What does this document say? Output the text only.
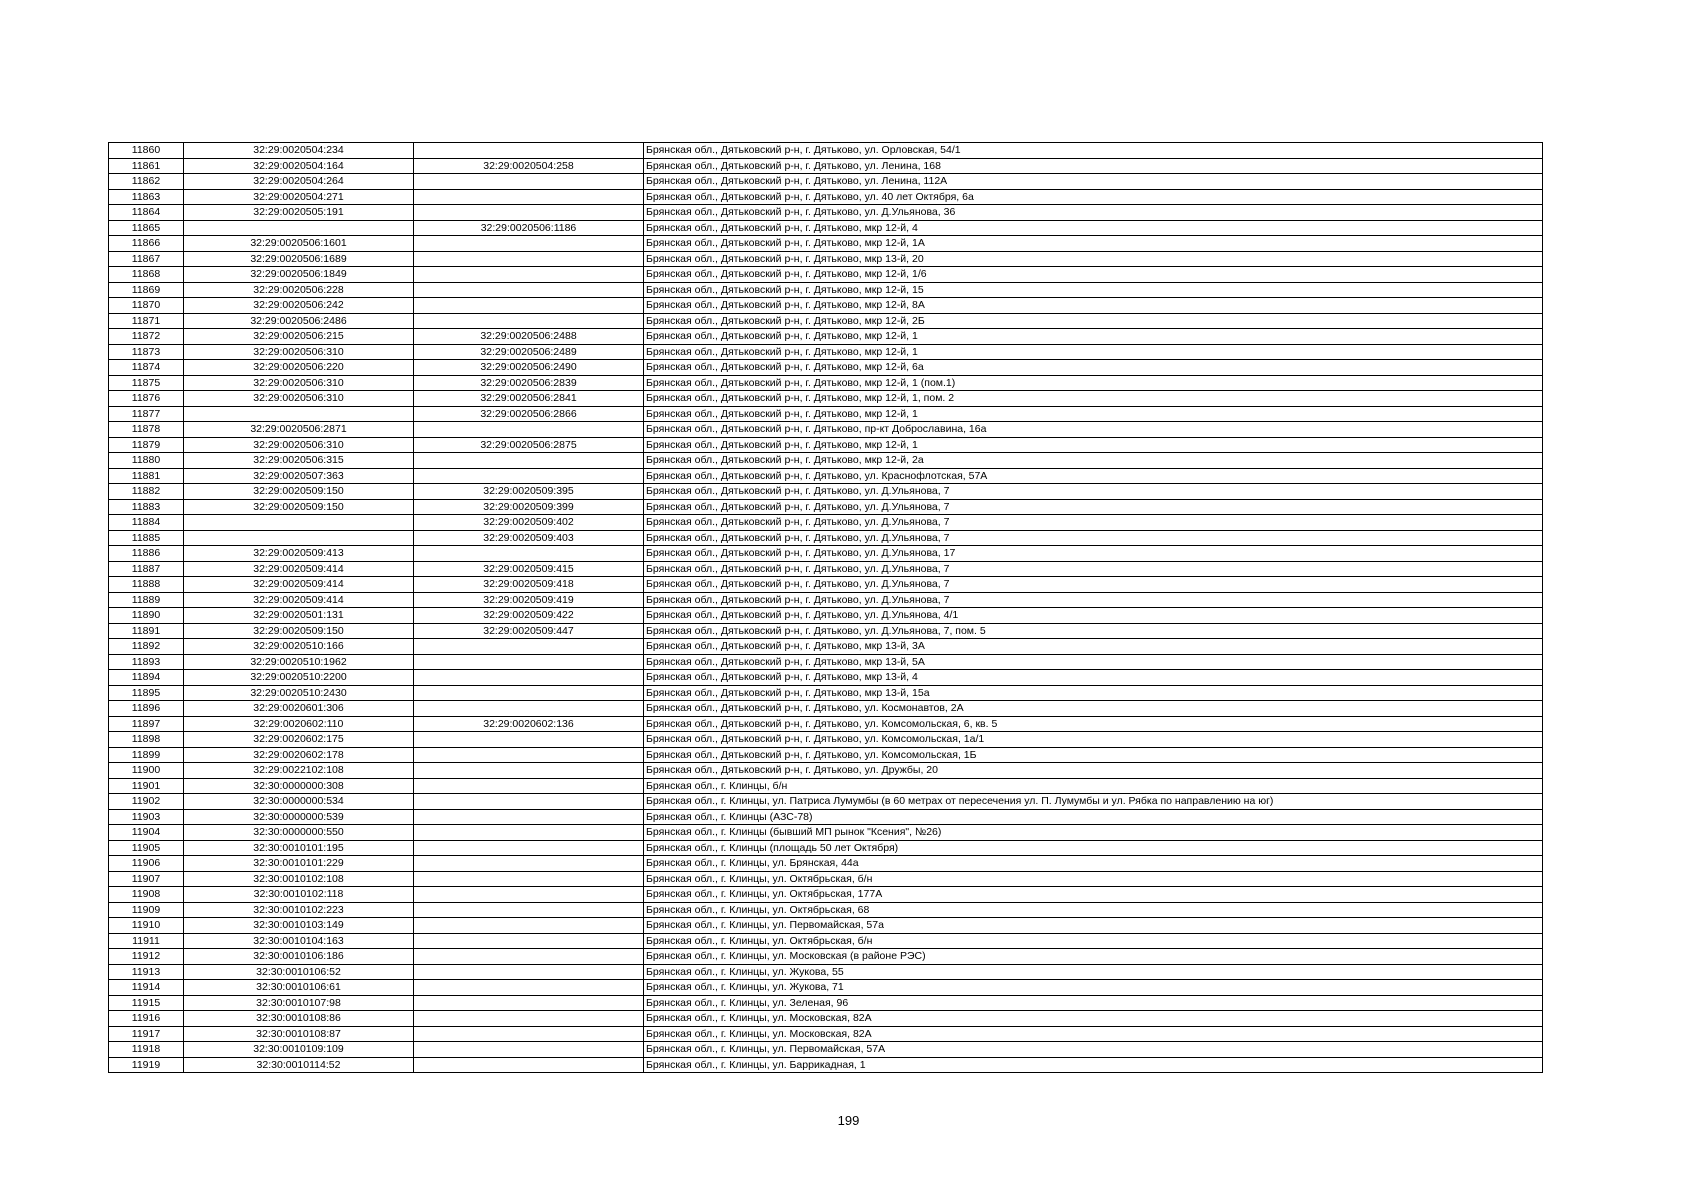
11860	32:29:0020504:234		Брянская обл., Дятьковский р-н, г. Дятьково, ул. Орловская, 54/1
11861	32:29:0020504:164	32:29:0020504:258	Брянская обл., Дятьковский р-н, г. Дятьково, ул. Ленина, 168
11862	32:29:0020504:264		Брянская обл., Дятьковский р-н, г. Дятьково, ул. Ленина, 112А
11863	32:29:0020504:271		Брянская обл., Дятьковский р-н, г. Дятьково, ул. 40 лет Октября, 6а
11864	32:29:0020505:191		Брянская обл., Дятьковский р-н, г. Дятьково, ул. Д.Ульянова, 36
11865		32:29:0020506:1186	Брянская обл., Дятьковский р-н, г. Дятьково, мкр 12-й, 4
11866	32:29:0020506:1601		Брянская обл., Дятьковский р-н, г. Дятьково, мкр 12-й, 1А
11867	32:29:0020506:1689		Брянская обл., Дятьковский р-н, г. Дятьково, мкр 13-й, 20
11868	32:29:0020506:1849		Брянская обл., Дятьковский р-н, г. Дятьково, мкр 12-й, 1/6
11869	32:29:0020506:228		Брянская обл., Дятьковский р-н, г. Дятьково, мкр 12-й, 15
11870	32:29:0020506:242		Брянская обл., Дятьковский р-н, г. Дятьково, мкр 12-й, 8А
11871	32:29:0020506:2486		Брянская обл., Дятьковский р-н, г. Дятьково, мкр 12-й, 2Б
11872	32:29:0020506:215	32:29:0020506:2488	Брянская обл., Дятьковский р-н, г. Дятьково, мкр 12-й, 1
11873	32:29:0020506:310	32:29:0020506:2489	Брянская обл., Дятьковский р-н, г. Дятьково, мкр 12-й, 1
11874	32:29:0020506:220	32:29:0020506:2490	Брянская обл., Дятьковский р-н, г. Дятьково, мкр 12-й, 6а
11875	32:29:0020506:310	32:29:0020506:2839	Брянская обл., Дятьковский р-н, г. Дятьково, мкр 12-й, 1 (пом.1)
11876	32:29:0020506:310	32:29:0020506:2841	Брянская обл., Дятьковский р-н, г. Дятьково, мкр 12-й, 1, пом. 2
11877		32:29:0020506:2866	Брянская обл., Дятьковский р-н, г. Дятьково, мкр 12-й, 1
11878	32:29:0020506:2871		Брянская обл., Дятьковский р-н, г. Дятьково, пр-кт Доброславина, 16а
11879	32:29:0020506:310	32:29:0020506:2875	Брянская обл., Дятьковский р-н, г. Дятьково, мкр 12-й, 1
11880	32:29:0020506:315		Брянская обл., Дятьковский р-н, г. Дятьково, мкр 12-й, 2а
11881	32:29:0020507:363		Брянская обл., Дятьковский р-н, г. Дятьково, ул. Краснофлотская, 57А
11882	32:29:0020509:150	32:29:0020509:395	Брянская обл., Дятьковский р-н, г. Дятьково, ул. Д.Ульянова, 7
11883	32:29:0020509:150	32:29:0020509:399	Брянская обл., Дятьковский р-н, г. Дятьково, ул. Д.Ульянова, 7
11884		32:29:0020509:402	Брянская обл., Дятьковский р-н, г. Дятьково, ул. Д.Ульянова, 7
11885		32:29:0020509:403	Брянская обл., Дятьковский р-н, г. Дятьково, ул. Д.Ульянова, 7
11886	32:29:0020509:413		Брянская обл., Дятьковский р-н, г. Дятьково, ул. Д.Ульянова, 17
11887	32:29:0020509:414	32:29:0020509:415	Брянская обл., Дятьковский р-н, г. Дятьково, ул. Д.Ульянова, 7
11888	32:29:0020509:414	32:29:0020509:418	Брянская обл., Дятьковский р-н, г. Дятьково, ул. Д.Ульянова, 7
11889	32:29:0020509:414	32:29:0020509:419	Брянская обл., Дятьковский р-н, г. Дятьково, ул. Д.Ульянова, 7
11890	32:29:0020501:131	32:29:0020509:422	Брянская обл., Дятьковский р-н, г. Дятьково, ул. Д.Ульянова, 4/1
11891	32:29:0020509:150	32:29:0020509:447	Брянская обл., Дятьковский р-н, г. Дятьково, ул. Д.Ульянова, 7, пом. 5
11892	32:29:0020510:166		Брянская обл., Дятьковский р-н, г. Дятьково, мкр 13-й, 3А
11893	32:29:0020510:1962		Брянская обл., Дятьковский р-н, г. Дятьково, мкр 13-й, 5А
11894	32:29:0020510:2200		Брянская обл., Дятьковский р-н, г. Дятьково, мкр 13-й, 4
11895	32:29:0020510:2430		Брянская обл., Дятьковский р-н, г. Дятьково, мкр 13-й, 15а
11896	32:29:0020601:306		Брянская обл., Дятьковский р-н, г. Дятьково, ул. Космонавтов, 2А
11897	32:29:0020602:110	32:29:0020602:136	Брянская обл., Дятьковский р-н, г. Дятьково, ул. Комсомольская, 6, кв. 5
11898	32:29:0020602:175		Брянская обл., Дятьковский р-н, г. Дятьково, ул. Комсомольская, 1а/1
11899	32:29:0020602:178		Брянская обл., Дятьковский р-н, г. Дятьково, ул. Комсомольская, 1Б
11900	32:29:0022102:108		Брянская обл., Дятьковский р-н, г. Дятьково, ул. Дружбы, 20
11901	32:30:0000000:308		Брянская обл., г. Клинцы, б/н
11902	32:30:0000000:534		Брянская обл., г. Клинцы, ул. Патриса Лумумбы (в 60 метрах от пересечения ул. П. Лумумбы и ул. Рябка по направлению на юг)
11903	32:30:0000000:539		Брянская обл., г. Клинцы (АЗС-78)
11904	32:30:0000000:550		Брянская обл., г. Клинцы (бывший МП рынок "Ксения", №26)
11905	32:30:0010101:195		Брянская обл., г. Клинцы (площадь 50 лет Октября)
11906	32:30:0010101:229		Брянская обл., г. Клинцы, ул. Брянская, 44а
11907	32:30:0010102:108		Брянская обл., г. Клинцы, ул. Октябрьская, б/н
11908	32:30:0010102:118		Брянская обл., г. Клинцы, ул. Октябрьская, 177А
11909	32:30:0010102:223		Брянская обл., г. Клинцы, ул. Октябрьская, 68
11910	32:30:0010103:149		Брянская обл., г. Клинцы, ул. Первомайская, 57а
11911	32:30:0010104:163		Брянская обл., г. Клинцы, ул. Октябрьская, б/н
11912	32:30:0010106:186		Брянская обл., г. Клинцы, ул. Московская (в районе РЭС)
11913	32:30:0010106:52		Брянская обл., г. Клинцы, ул. Жукова, 55
11914	32:30:0010106:61		Брянская обл., г. Клинцы, ул. Жукова, 71
11915	32:30:0010107:98		Брянская обл., г. Клинцы, ул. Зеленая, 96
11916	32:30:0010108:86		Брянская обл., г. Клинцы, ул. Московская, 82А
11917	32:30:0010108:87		Брянская обл., г. Клинцы, ул. Московская, 82А
11918	32:30:0010109:109		Брянская обл., г. Клинцы, ул. Первомайская, 57А
11919	32:30:0010114:52		Брянская обл., г. Клинцы, ул. Баррикадная, 1
199
